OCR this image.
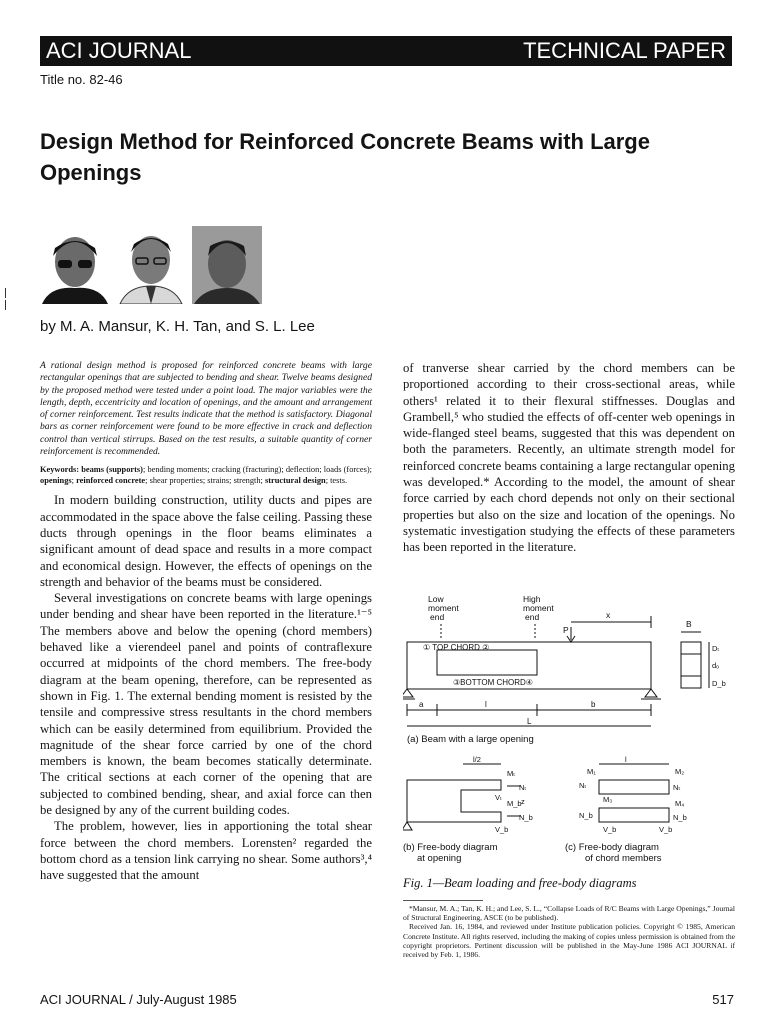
ACI JOURNAL	TECHNICAL PAPER
Title no. 82-46
Design Method for Reinforced Concrete Beams with Large
Openings
by M. A. Mansur, K. H. Tan, and S. L. Lee

A rational design method is proposed for reinforced concrete beams with large rectangular openings that are subjected to bending and shear. Twelve beams designed by the proposed method were tested under a point load. The major variables were the length, depth, eccentricity and location of openings, and the amount and arrangement of corner reinforcement. Test results indicate that the method is satisfactory. Diagonal bars as corner reinforcement were found to be more effective in crack and deflection control than vertical stirrups. Based on the test results, a suitable quantity of corner reinforcement is recommended.

Keywords: beams (supports); bending moments; cracking (fracturing); deflection; loads (forces); openings; reinforced concrete; shear properties; strains; strength; structural design; tests.

In modern building construction, utility ducts and pipes are accommodated in the space above the false ceiling. Passing these ducts through openings in the floor beams eliminates a significant amount of dead space and results in a more compact and economical design. However, the effects of openings on the strength and behavior of the beams must be considered.

Several investigations on concrete beams with large openings under bending and shear have been reported in the literature.¹⁻⁵ The members above and below the opening (chord members) behaved like a vierendeel panel and points of contraflexure occurred at midpoints of the chord members. The free-body diagram at the beam opening, therefore, can be represented as shown in Fig. 1. The external bending moment is resisted by the tensile and compressive stress resultants in the chord members which can be easily determined from equilibrium. Provided the magnitude of the shear force carried by one of the chord members is known, the beam becomes statically determinate. The critical sections at each corner of the opening that are subjected to combined bending, shear, and axial force can then be designed by any of the current building codes.

The problem, however, lies in apportioning the total shear force between the chord members. Lorensten² regarded the bottom chord as a tension link carrying no shear. Some authors³,⁴ have suggested that the amount

of tranverse shear carried by the chord members can be proportioned according to their cross-sectional areas, while others¹ related it to their flexural stiffnesses. Douglas and Grambell,⁵ who studied the effects of off-center web openings in wide-flanged steel beams, suggested that this was dependent on both the parameters. Recently, an ultimate strength model for reinforced concrete beams containing a large rectangular opening was developed.* According to the model, the amount of shear force carried by each chord depends not only on their sectional properties but also on the size and location of the openings. No systematic investigation studying the effects of these parameters has been reported in the literature.

Low
moment
end
High
moment
end	x
P
B
① TOP CHORD ②
③BOTTOM CHORD④
a	l	b
L
Dₜ
dₒ
D_b
(a) Beam with a large opening
l/2
Mₜ
Nₜ
Vₜ
M_b z
N_b
V_b
l
M₁	M₂
Nₜ	Nₜ
M₃	M₄
N_b	N_b
V_b	V_b
(b) Free-body diagram
at opening
(c) Free-body diagram
of chord members
Fig. 1—Beam loading and free-body diagrams

*Mansur, M. A.; Tan, K. H.; and Lee, S. L., “Collapse Loads of R/C Beams with Large Openings,” Journal of Structural Engineering, ASCE (to be published).

Received Jan. 16, 1984, and reviewed under Institute publication policies. Copyright © 1985, American Concrete Institute. All rights reserved, including the making of copies unless permission is obtained from the copyright proprietors. Pertinent discussion will be published in the May-June 1986 ACI JOURNAL if received by Feb. 1, 1986.

ACI JOURNAL / July-August 1985	517
